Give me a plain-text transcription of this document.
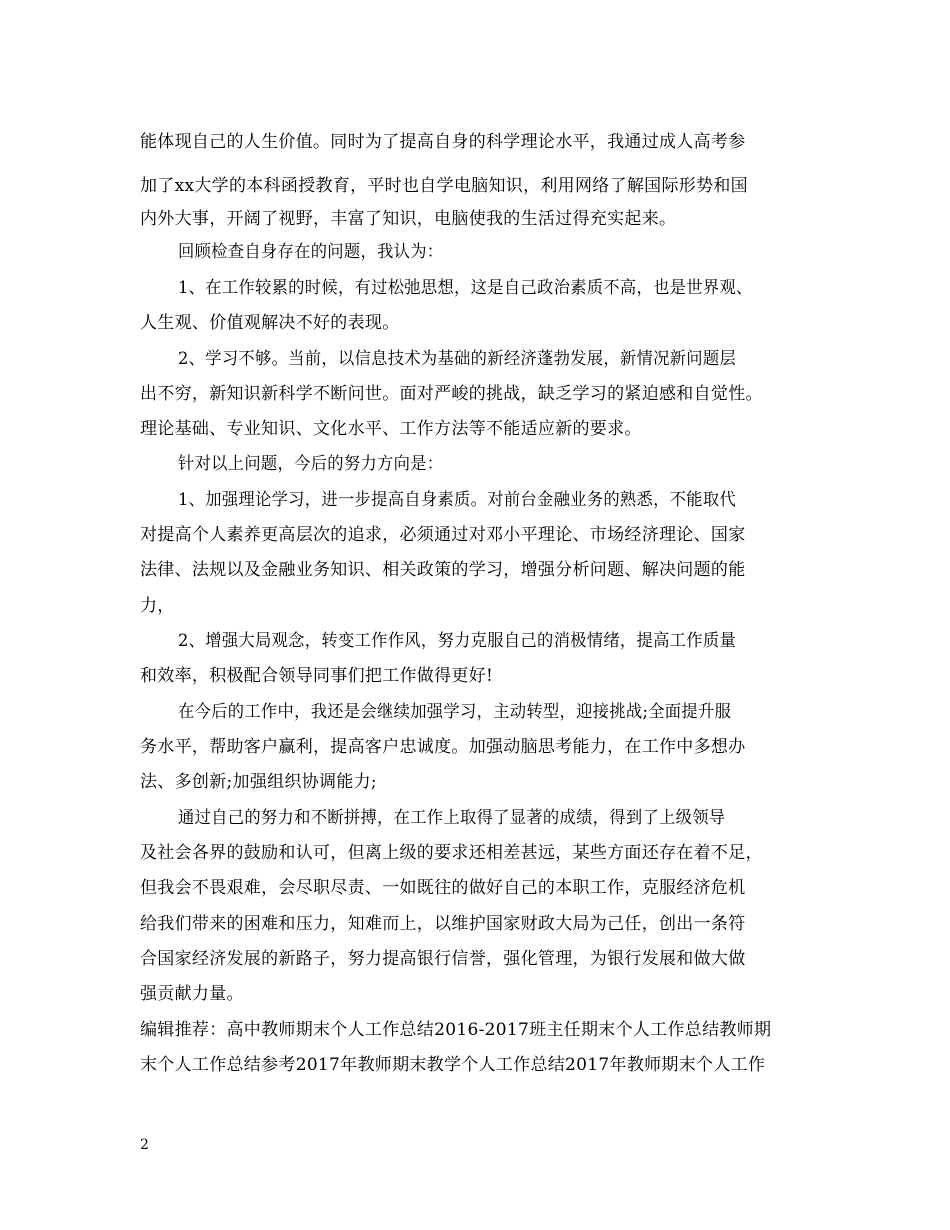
能体现自己的人生价值。同时为了提高自身的科学理论水平，我通过成人高考参
加了xx大学的本科函授教育，平时也自学电脑知识，利用网络了解国际形势和国
内外大事，开阔了视野，丰富了知识，电脑使我的生活过得充实起来。
回顾检查自身存在的问题，我认为：
1、在工作较累的时候，有过松弛思想，这是自己政治素质不高，也是世界观、
人生观、价值观解决不好的表现。
2、学习不够。当前，以信息技术为基础的新经济蓬勃发展，新情况新问题层
出不穷，新知识新科学不断问世。面对严峻的挑战，缺乏学习的紧迫感和自觉性。
理论基础、专业知识、文化水平、工作方法等不能适应新的要求。
针对以上问题，今后的努力方向是：
1、加强理论学习，进一步提高自身素质。对前台金融业务的熟悉，不能取代
对提高个人素养更高层次的追求，必须通过对邓小平理论、市场经济理论、国家
法律、法规以及金融业务知识、相关政策的学习，增强分析问题、解决问题的能
力，
2、增强大局观念，转变工作作风，努力克服自己的消极情绪，提高工作质量
和效率，积极配合领导同事们把工作做得更好!
在今后的工作中，我还是会继续加强学习，主动转型，迎接挑战;全面提升服
务水平，帮助客户赢利，提高客户忠诚度。加强动脑思考能力，在工作中多想办
法、多创新;加强组织协调能力;
通过自己的努力和不断拼搏，在工作上取得了显著的成绩，得到了上级领导
及社会各界的鼓励和认可，但离上级的要求还相差甚远，某些方面还存在着不足，
但我会不畏艰难，会尽职尽责、一如既往的做好自己的本职工作，克服经济危机
给我们带来的困难和压力，知难而上，以维护国家财政大局为己任，创出一条符
合国家经济发展的新路子，努力提高银行信誉，强化管理，为银行发展和做大做
强贡献力量。
编辑推荐：高中教师期末个人工作总结2016-2017班主任期末个人工作总结教师期
末个人工作总结参考2017年教师期末教学个人工作总结2017年教师期末个人工作
2
